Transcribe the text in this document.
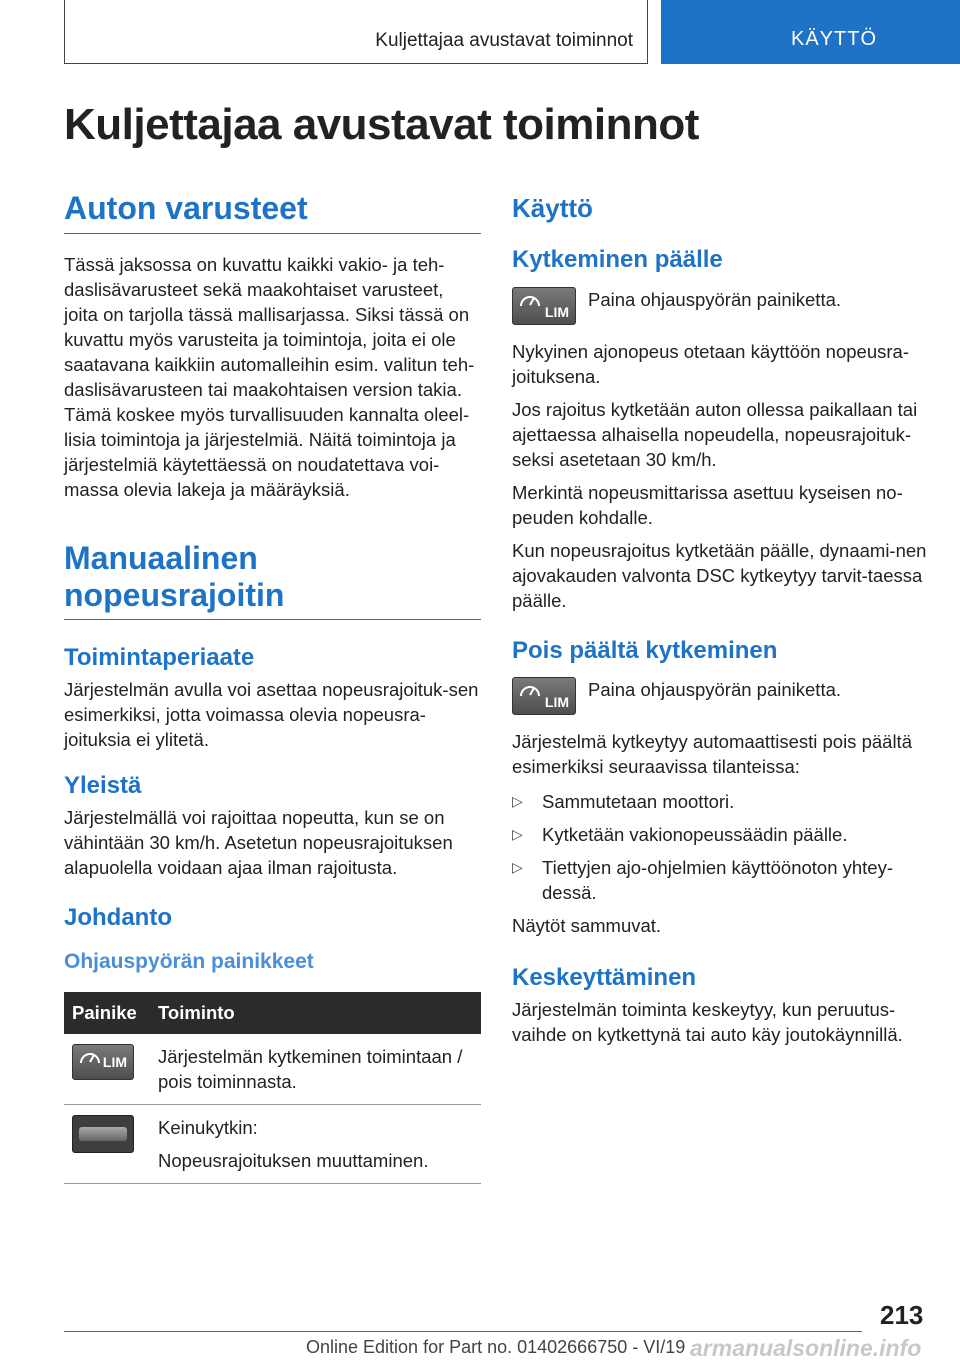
Kuljettajaa avustavat toiminnot	KÄYTTÖ
Kuljettajaa avustavat toiminnot
Auton varusteet

Tässä jaksossa on kuvattu kaikki vakio- ja teh-daslisävarusteet sekä maakohtaiset varusteet, joita on tarjolla tässä mallisarjassa. Siksi tässä on kuvattu myös varusteita ja toimintoja, joita ei ole saatavana kaikkiin automalleihin esim. valitun teh-daslisävarusteen tai maakohtaisen version takia. Tämä koskee myös turvallisuuden kannalta oleel-lisia toimintoja ja järjestelmiä. Näitä toimintoja ja järjestelmiä käytettäessä on noudatettava voi-massa olevia lakeja ja määräyksiä.

Manuaalinen nopeusrajoitin
Toimintaperiaate

Järjestelmän avulla voi asettaa nopeusrajoituk-sen esimerkiksi, jotta voimassa olevia nopeusra-joituksia ei ylitetä.

Yleistä

Järjestelmällä voi rajoittaa nopeutta, kun se on vähintään 30 km/h. Asetetun nopeusrajoituksen alapuolella voidaan ajaa ilman rajoitusta.

Johdanto
Ohjauspyörän painikkeet
Painike	Toiminto

LIM	Järjestelmän kytkeminen toimintaan / pois toiminnasta.

	Keinukytkin:
Nopeusrajoituksen muuttaminen.
Käyttö
Kytkeminen päälle
LIM

Paina ohjauspyörän painiketta.

Nykyinen ajonopeus otetaan käyttöön nopeusra-joituksena.

Jos rajoitus kytketään auton ollessa paikallaan tai ajettaessa alhaisella nopeudella, nopeusrajoituk-seksi asetetaan 30 km/h.

Merkintä nopeusmittarissa asettuu kyseisen no-peuden kohdalle.

Kun nopeusrajoitus kytketään päälle, dynaami-nen ajovakauden valvonta DSC kytkeytyy tarvit-taessa päälle.

Pois päältä kytkeminen
LIM

Paina ohjauspyörän painiketta.

Järjestelmä kytkeytyy automaattisesti pois päältä esimerkiksi seuraavissa tilanteissa:

▷ Sammutetaan moottori.
▷ Kytketään vakionopeussäädin päälle.
▷ Tiettyjen ajo-ohjelmien käyttöönoton yhtey-dessä.

Näytöt sammuvat.

Keskeyttäminen

Järjestelmän toiminta keskeytyy, kun peruutus-vaihde on kytkettynä tai auto käy joutokäynnillä.

213
Online Edition for Part no. 01402666750 - VI/19 armanualsonline.info
